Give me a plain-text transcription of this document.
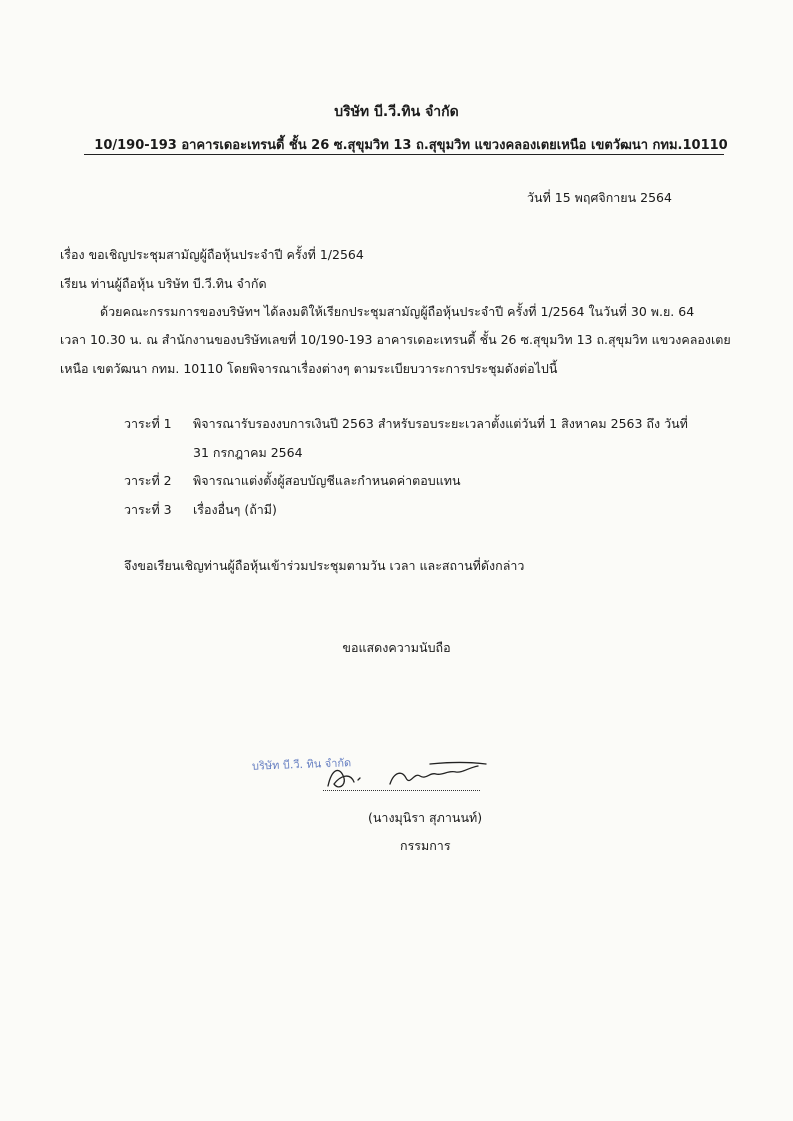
บริษัท บี.วี.ทิน จำกัด
10/190-193 อาคารเดอะเทรนดี้ ชั้น 26 ซ.สุขุมวิท 13 ถ.สุขุมวิท แขวงคลองเตยเหนือ เขตวัฒนา กทม.10110
วันที่ 15 พฤศจิกายน 2564
เรื่อง ขอเชิญประชุมสามัญผู้ถือหุ้นประจำปี ครั้งที่ 1/2564
เรียน ท่านผู้ถือหุ้น บริษัท บี.วี.ทิน จำกัด
ด้วยคณะกรรมการของบริษัทฯ ได้ลงมติให้เรียกประชุมสามัญผู้ถือหุ้นประจำปี ครั้งที่ 1/2564 ในวันที่ 30 พ.ย. 64
เวลา 10.30 น. ณ สำนักงานของบริษัทเลขที่ 10/190-193 อาคารเดอะเทรนดี้ ชั้น 26 ซ.สุขุมวิท 13 ถ.สุขุมวิท แขวงคลองเตย
เหนือ เขตวัฒนา กทม. 10110 โดยพิจารณาเรื่องต่างๆ ตามระเบียบวาระการประชุมดังต่อไปนี้
วาระที่ 1 พิจารณารับรองงบการเงินปี 2563 สำหรับรอบระยะเวลาตั้งแต่วันที่ 1 สิงหาคม 2563 ถึง วันที่
31 กรกฎาคม 2564
วาระที่ 2 พิจารณาแต่งตั้งผู้สอบบัญชีและกำหนดค่าตอบแทน
วาระที่ 3 เรื่องอื่นๆ (ถ้ามี)
จึงขอเรียนเชิญท่านผู้ถือหุ้นเข้าร่วมประชุมตามวัน เวลา และสถานที่ดังกล่าว
ขอแสดงความนับถือ
บริษัท บี.วี. ทิน จำกัด
(นางมุนิรา สุภานนท์)
กรรมการ
